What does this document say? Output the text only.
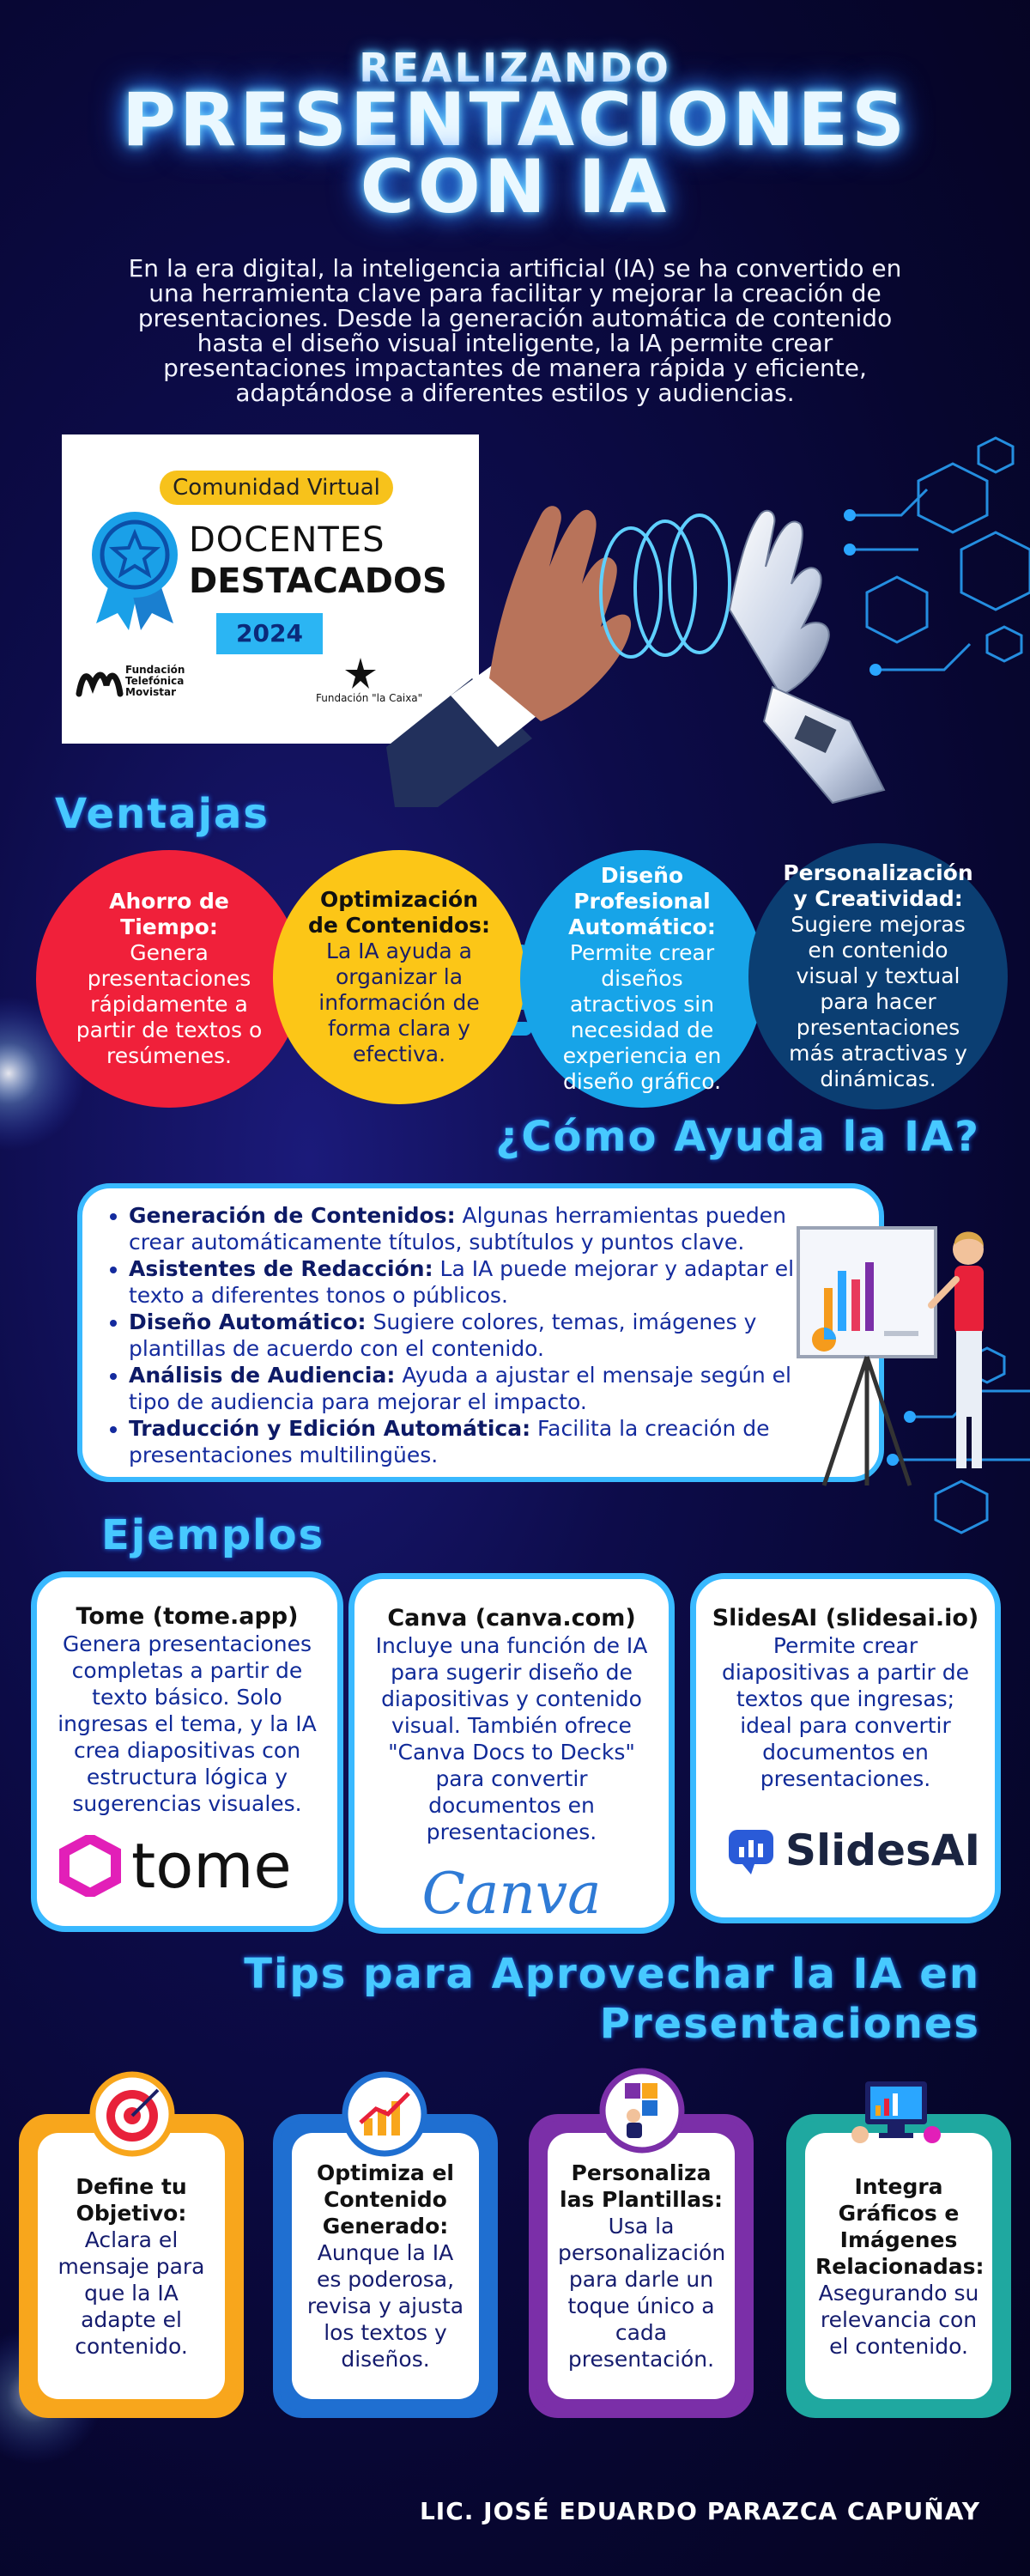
REALIZANDO
PRESENTACIONES
CON IA
En la era digital, la inteligencia artificial (IA) se ha convertido en una herramienta clave para facilitar y mejorar la creación de presentaciones. Desde la generación automática de contenido hasta el diseño visual inteligente, la IA permite crear presentaciones impactantes de manera rápida y eficiente, adaptándose a diferentes estilos y audiencias.
Comunidad Virtual
DOCENTES
DESTACADOS
2024
Fundación Telefónica Movistar	Fundación "la Caixa"
Ventajas
Ahorro de Tiempo:
Genera presentaciones rápidamente a partir de textos o resúmenes.
Optimización de Contenidos:
La IA ayuda a organizar la información de forma clara y efectiva.
Diseño Profesional Automático:
Permite crear diseños atractivos sin necesidad de experiencia en diseño gráfico.
Personalización y Creatividad:
Sugiere mejoras en contenido visual y textual para hacer presentaciones más atractivas y dinámicas.
¿Cómo Ayuda la IA?
• Generación de Contenidos: Algunas herramientas pueden crear automáticamente títulos, subtítulos y puntos clave.
• Asistentes de Redacción: La IA puede mejorar y adaptar el texto a diferentes tonos o públicos.
• Diseño Automático: Sugiere colores, temas, imágenes y plantillas de acuerdo con el contenido.
• Análisis de Audiencia: Ayuda a ajustar el mensaje según el tipo de audiencia para mejorar el impacto.
• Traducción y Edición Automática: Facilita la creación de presentaciones multilingües.
Ejemplos
Tome (tome.app)
Genera presentaciones completas a partir de texto básico. Solo ingresas el tema, y la IA crea diapositivas con estructura lógica y sugerencias visuales.
tome
Canva (canva.com)
Incluye una función de IA para sugerir diseño de diapositivas y contenido visual. También ofrece "Canva Docs to Decks" para convertir documentos en presentaciones.
Canva
SlidesAI (slidesai.io)
Permite crear diapositivas a partir de textos que ingresas; ideal para convertir documentos en presentaciones.
SlidesAI
Tips para Aprovechar la IA en
Presentaciones
Define tu Objetivo:
Aclara el mensaje para que la IA adapte el contenido.
Optimiza el Contenido Generado:
Aunque la IA es poderosa, revisa y ajusta los textos y diseños.
Personaliza las Plantillas:
Usa la personalización para darle un toque único a cada presentación.
Integra Gráficos e Imágenes Relacionadas:
Asegurando su relevancia con el contenido.
LIC. JOSÉ EDUARDO PARAZCA CAPUÑAY
